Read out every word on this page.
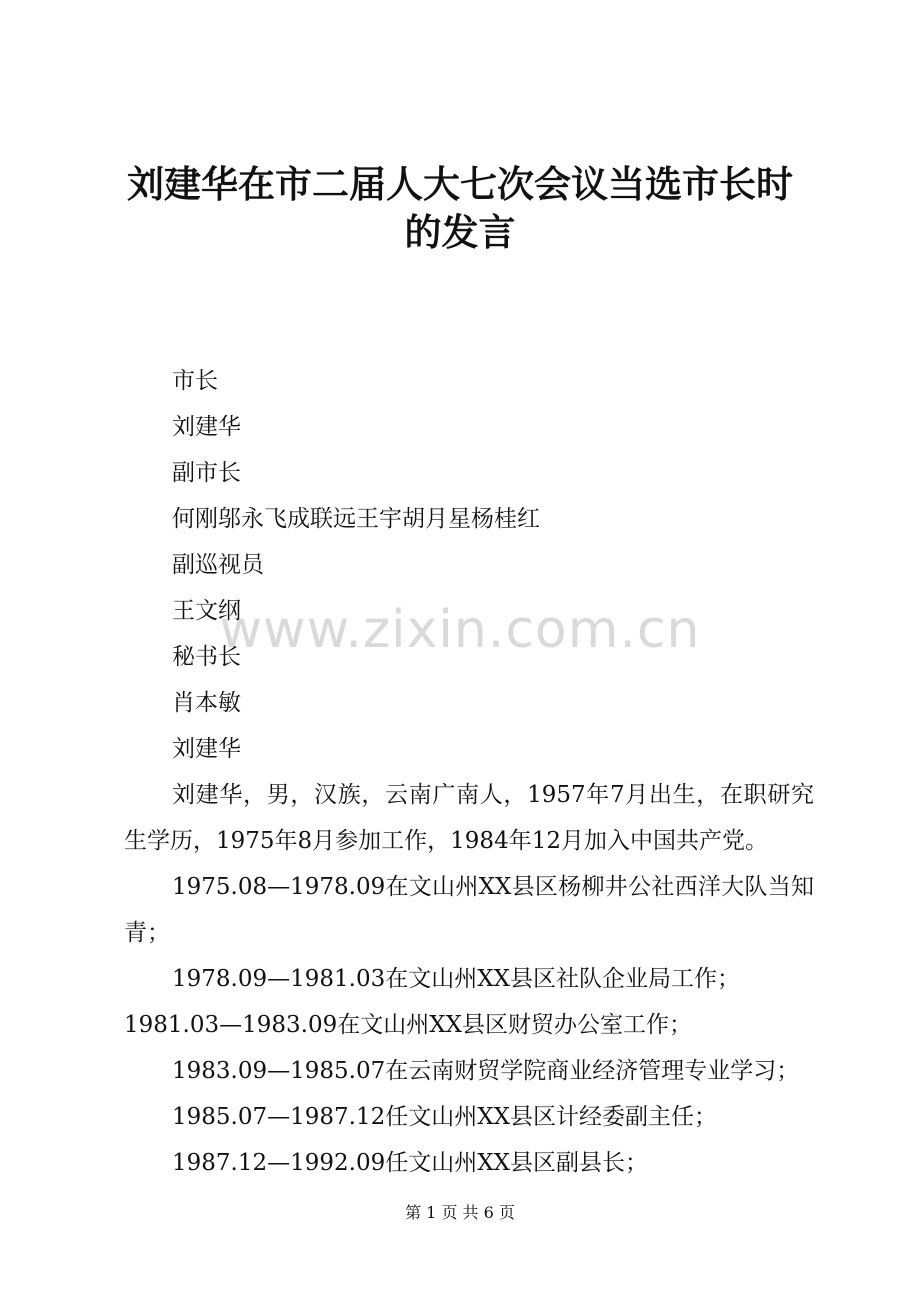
www.zixin.com.cn
刘建华在市二届人大七次会议当选市长时的发言

市长

刘建华

副市长

何刚邬永飞成联远王宇胡月星杨桂红

副巡视员

王文纲

秘书长

肖本敏

刘建华

刘建华，男，汉族，云南广南人，1957年7月出生，在职研究生学历，1975年8月参加工作，1984年12月加入中国共产党。

1975.08—1978.09在文山州XX县区杨柳井公社西洋大队当知青；

1978.09—1981.03在文山州XX县区社队企业局工作；

1981.03—1983.09在文山州XX县区财贸办公室工作；

1983.09—1985.07在云南财贸学院商业经济管理专业学习；

1985.07—1987.12任文山州XX县区计经委副主任；

1987.12—1992.09任文山州XX县区副县长；

第 1 页 共 6 页
